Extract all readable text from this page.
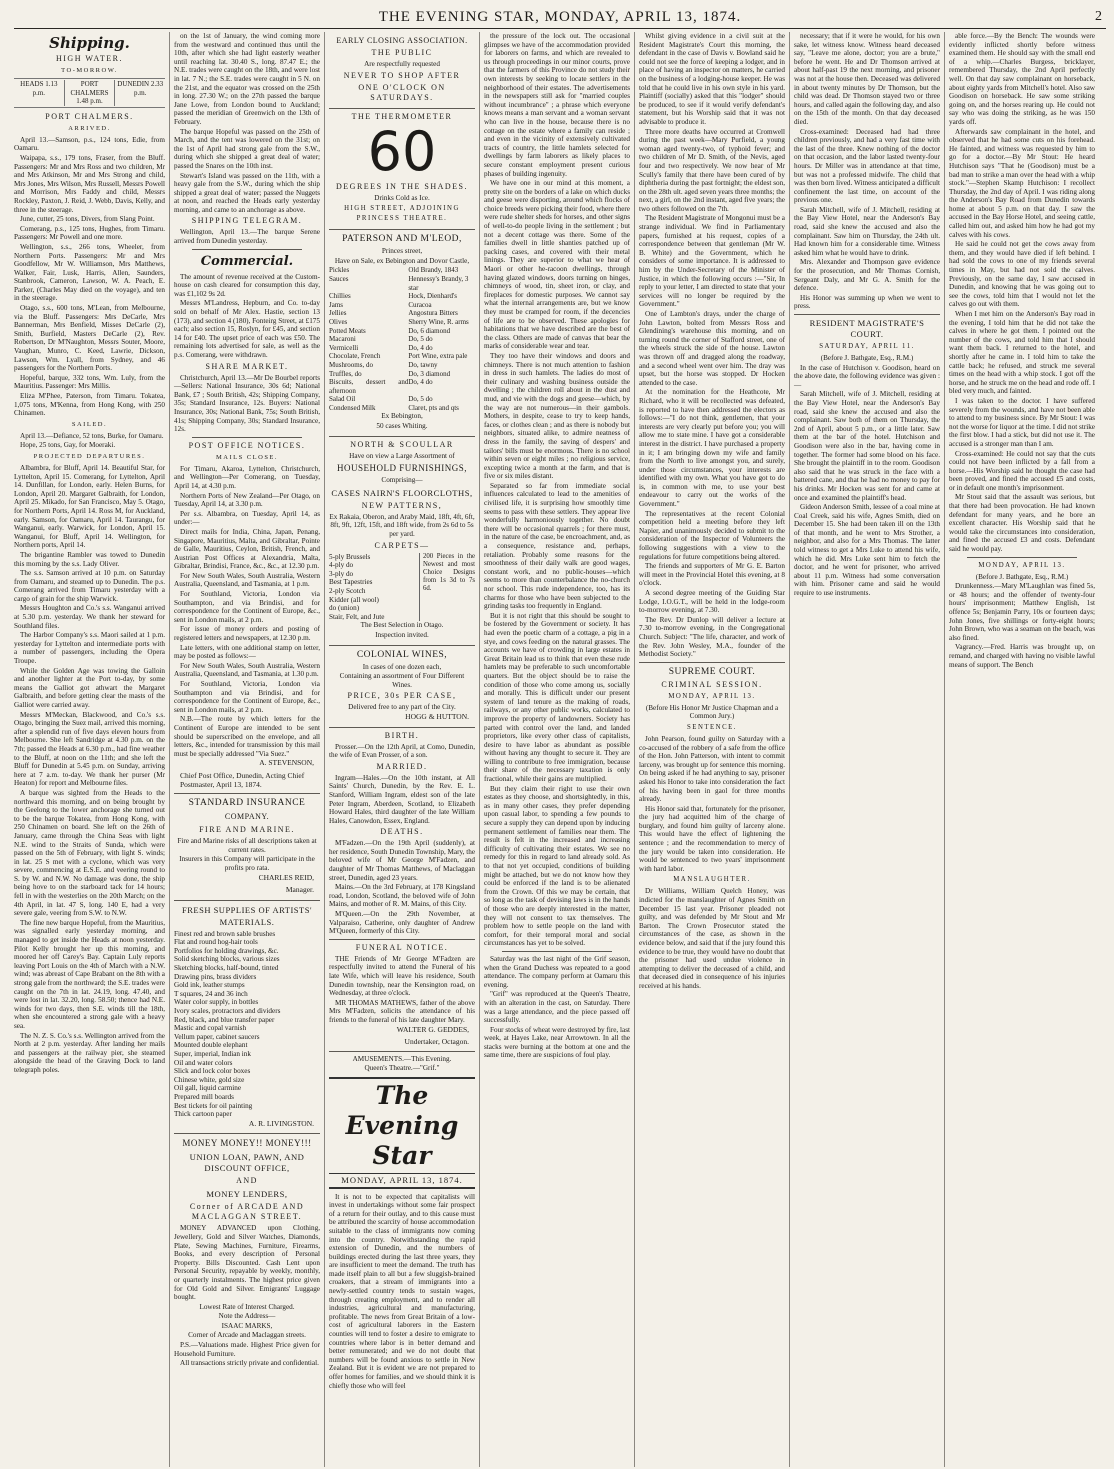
THE EVENING STAR, MONDAY, APRIL 13, 1874.	2
Shipping.
HIGH WATER.
TO-MORROW.
HEADS 1.13 p.m.
PORT CHALMERS 1.48 p.m.
DUNEDIN 2.33 p.m.
PORT CHALMERS.
ARRIVED.

April 13.—Samson, p.s., 124 tons, Edie, from Oamaru.

Waipapa, s.s., 179 tons, Fraser, from the Bluff. Passengers: Mr and Mrs Ross and two children, Mr and Mrs Atkinson, Mr and Mrs Strong and child, Mrs Jones, Mrs Wilson, Mrs Russell, Messrs Powell and Morrison, Mrs Faddy and child, Messrs Rockley, Paxton, J. Reid, J. Webb, Davis, Kelly, and three in the steerage.

June, cutter, 25 tons, Divers, from Slang Point.

Comerang, p.s., 125 tons, Hughes, from Timaru. Passengers: Mr Powell and one more.

Wellington, s.s., 266 tons, Wheeler, from Northern Ports. Passengers: Mr and Mrs Goodfellow, Mr W. Williamson, Mrs Matthews, Walker, Fair, Lusk, Harris, Allen, Saunders, Stanbrook, Cameron, Lawson, W. A. Peach, E. Parker, (Charles May died on the voyage), and ten in the steerage.

Otago, s.s., 600 tons, M'Lean, from Melbourne, via the Bluff. Passengers: Mrs DeCarle, Mrs Bannerman, Mrs Benfield, Misses DeCarle (2), Smith, Burfield, Masters DeCarle (2), Rev. Robertson, Dr M'Naughton, Messrs Souter, Moore, Vaughan, Munro, C. Keed, Lawrie, Dickson, Lawson, Wm. Lyall, from Sydney, and 46 passengers for the Northern Ports.

Hopeful, barque, 332 tons, Wm. Luly, from the Mauritius. Passenger: Mrs Millis.

Eliza M'Phee, Paterson, from Timaru. Tokatea, 1,075 tons, M'Kenna, from Hong Kong, with 250 Chinamen.

SAILED.

April 13.—Defiance, 52 tons, Burke, for Oamaru.

Hope, 25 tons, Gay, for Moeraki.

PROJECTED DEPARTURES.

Albambra, for Bluff, April 14. Beautiful Star, for Lyttelton, April 15. Comerang, for Lyttelton, April 14. Dunfillan, for London, early. Helen Burns, for London, April 20. Margaret Galbraith, for London, April 25. Mikado, for San Francisco, May 5. Otago, for Northern Ports, April 14. Ross M, for Auckland, early. Samson, for Oamaru, April 14. Taurangu, for Wanganui, early. Warwick, for London, April 15. Wanganui, for Bluff, April 14. Wellington, for Northern ports, April 14.

The brigantine Rambler was towed to Dunedin this morning by the s.s. Lady Oliver.

The s.s. Samson arrived at 10 p.m. on Saturday from Oamaru, and steamed up to Dunedin. The p.s. Comerang arrived from Timaru yesterday with a cargo of grain for the ship Warwick.

Messrs Houghton and Co.'s s.s. Wanganui arrived at 5.30 p.m. yesterday. We thank her steward for Southland files.

The Harbor Company's s.s. Maori sailed at 1 p.m. yesterday for Lyttelton and intermediate ports with a number of passengers, including the Opera Troupe.

While the Golden Age was towing the Galloin and another lighter at the Port to-day, by some means the Galliot got athwart the Margaret Galbraith, and before getting clear the masts of the Galliot were carried away.

Messrs M'Meckan, Blackwood, and Co.'s s.s. Otago, bringing the Suez mail, arrived this morning, after a splendid run of five days eleven hours from Melbourne. She left Sandridge at 4.30 p.m. on the 7th; passed the Heads at 6.30 p.m., had fine weather to the Bluff, at noon on the 11th; and she left the Bluff for Dunedin at 5.45 p.m. on Sunday, arriving here at 7 a.m. to-day. We thank her purser (Mr Heaton) for report and Melbourne files.

A barque was sighted from the Heads to the northward this morning, and on being brought by the Geelong to the lower anchorage she turned out to be the barque Tokatea, from Hong Kong, with 250 Chinamen on board. She left on the 26th of January, came through the China Seas with light N.E. wind to the Straits of Sunda, which were passed on the 5th of February, with light S. winds; in lat. 25 S met with a cyclone, which was very severe, commencing at E.S.E. and veering round to S. by W. and N.W. No damage was done, the ship being hove to on the starboard tack for 14 hours; fell in with the westerlies on the 20th March; on the 4th April, in lat. 47 S, long. 140 E, had a very severe gale, veering from S.W. to N.W.

The fine new barque Hopeful, from the Mauritius, was signalled early yesterday morning, and managed to get inside the Heads at noon yesterday. Pilot Kelly brought her up this morning, and moored her off Carey's Bay. Captain Luly reports leaving Port Louis on the 4th of March with a N.W. wind; was abreast of Cape Brabant on the 8th with a strong gale from the northward; the S.E. trades were caught on the 7th in lat. 24.19, long. 47.40, and were lost in lat. 32.20, long. 58.50; thence had N.E. winds for two days, then S.E. winds till the 18th, when she encountered a strong gale with a heavy sea.

The N. Z. S. Co.'s s.s. Wellington arrived from the North at 2 p.m. yesterday. After landing her mails and passengers at the railway pier, she steamed alongside the head of the Graving Dock to land telegraph poles.

on the 1st of January, the wind coming more from the westward and continued thus until the 10th, after which she had light easterly weather until reaching lat. 30.40 S., long. 87.47 E.; the N.E. trades were caught on the 18th, and were lost in lat. 7 N.; the S.E. trades were caught in 5 N. on the 21st, and the equator was crossed on the 25th in long. 27.30 W.; on the 27th passed the barque Jane Lowe, from London bound to Auckland; passed the meridian of Greenwich on the 13th of February.

The barque Hopeful was passed on the 25th of March, and the tent was lowered on the 31st; on the 1st of April had strong gale from the S.W., during which she shipped a great deal of water; passed the Snares on the 10th inst.

Stewart's Island was passed on the 11th, with a heavy gale from the S.W., during which the ship shipped a great deal of water; passed the Nuggets at noon, and reached the Heads early yesterday morning, and came to an anchorage as above.

SHIPPING TELEGRAM.

Wellington, April 13.—The barque Serene arrived from Dunedin yesterday.

Commercial.

The amount of revenue received at the Custom-house on cash cleared for consumption this day, was £1,102 9s 2d.

Messrs M'Landress, Hepburn, and Co. to-day sold on behalf of Mr Alex. Hastie, section 13 (173), and section 4 (180), Fonteirg Street, at £175 each; also section 15, Roslyn, for £45, and section 14 for £40. The upset price of each was £50. The remaining lots advertised for sale, as well as the p.s. Comerang, were withdrawn.

SHARE MARKET.

Christchurch, April 13.—Mr De Bourbel reports—Sellers: National Insurance, 30s 6d; National Bank, £7 ; South British, 42s; Shipping Company, 35s; Standard Insurance, 12s. Buyers: National Insurance, 30s; National Bank, 75s; South British, 41s; Shipping Company, 30s; Standard Insurance, 12s.

POST OFFICE NOTICES.
MAILS CLOSE.

For Timaru, Akaroa, Lyttelton, Christchurch, and Wellington—Per Comerang, on Tuesday, April 14, at 4.30 p.m.

Northern Ports of New Zealand—Per Otago, on Tuesday, April 14, at 3.30 p.m.

Per s.s. Albambra, on Tuesday, April 14, as under:—

Direct mails for India, China, Japan, Penang, Singapore, Mauritius, Malta, and Gibraltar, Pointe de Galle, Mauritius, Ceylon, British, French, and Austrian Post Offices at Alexandria, Malta, Gibraltar, Brindisi, France, &c., &c., at 12.30 p.m.

For New South Wales, South Australia, Western Australia, Queensland, and Tasmania, at 1 p.m.

For Southland, Victoria, London via Southampton, and via Brindisi, and for correspondence for the Continent of Europe, &c., sent in London mails, at 2 p.m.

For issue of money orders and posting of registered letters and newspapers, at 12.30 p.m.

Late letters, with one additional stamp on letter, may be posted as follows:—

For New South Wales, South Australia, Western Australia, Queensland, and Tasmania, at 1.30 p.m.

For Southland, Victoria, London via Southampton and via Brindisi, and for correspondence for the Continent of Europe, &c., sent in London mails, at 2 p.m.

N.B.—The route by which letters for the Continent of Europe are intended to be sent should be superscribed on the envelope, and all letters, &c., intended for transmission by this mail must be specially addressed "Via Suez."

A. STEVENSON,
Chief Post Office, Dunedin, Acting Chief Postmaster, April 13, 1874.
STANDARD INSURANCE
COMPANY.
FIRE AND MARINE.

Fire and Marine risks of all descriptions taken at current rates.

Insurers in this Company will participate in the profits pro rata.

CHARLES REID,
Manager.
FRESH SUPPLIES OF ARTISTS' MATERIALS.
Finest red and brown sable brushes
Flat and round hog-hair tools
Portfolios for holding drawings, &c.
Solid sketching blocks, various sizes
Sketching blocks, half-bound, tinted
Drawing pins, brass dividers
Gold ink, leather stumps
T squares, 24 and 36 inch
Water color supply, in bottles
Ivory scales, protractors and dividers
Red, black, and blue transfer paper
Mastic and copal varnish
Vellum paper, cabinet saucers
Mounted double elephant
Super, imperial, Indian ink
Oil and water colors
Slick and lock color boxes
Chinese white, gold size
Oil gall, liquid carmine
Prepared mill boards
Best tickets for oil painting
Thick cartoon paper
A. R. LIVINGSTON.
MONEY MONEY!! MONEY!!!
UNION LOAN, PAWN, AND DISCOUNT OFFICE,
AND
MONEY LENDERS,
Corner of ARCADE AND MACLAGGAN STREET.

MONEY ADVANCED upon Clothing, Jewellery, Gold and Silver Watches, Diamonds, Plate, Sewing Machines, Furniture, Firearms, Books, and every description of Personal Property. Bills Discounted. Cash Lent upon Personal Security, repayable by weekly, monthly, or quarterly instalments. The highest price given for Old Gold and Silver. Emigrants' Luggage bought.

Lowest Rate of Interest Charged.

Note the Address—

ISAAC MARKS,

Corner of Arcade and Maclaggan streets.

P.S.—Valuations made. Highest Price given for Household Furniture.

All transactions strictly private and confidential.

EARLY CLOSING ASSOCIATION.
THE PUBLIC

Are respectfully requested

NEVER TO SHOP AFTER
ONE O'CLOCK ON SATURDAYS.
THE THERMOMETER
60
DEGREES IN THE SHADES.

Drinks Cold as Ice.

HIGH STREET, ADJOINING PRINCESS THEATRE.
PATERSON AND M'LEOD,

Princes street,

Have on Sale, ex Bebington and Dovor Castle,

Pickles	Old Brandy, 1843
Sauces	Hennessy's Brandy, 3 star
Chillies	Hock, Dienhard's
Jams	Curacoa
Jellies	Angostura Bitters
Olives	Sherry Wine, R. arms
Potted Meats	Do, 6 diamond
Macaroni	Do, 5 do
Vermicelli	Do, 4 do
Chocolate, French	Port Wine, extra pale
Mushrooms, do	Do, tawny
Truffles, do	Do, 3 diamond
Biscuits, dessert and afternoon	Do, 4 do
Salad Oil	Do, 5 do
Condensed Milk	Claret, pts and qts

Ex Bebington,

50 cases Whiting.

NORTH & SCOULLAR

Have on view a Large Assortment of

HOUSEHOLD FURNISHINGS,

Comprising—

CASES NAIRN'S FLOORCLOTHS,
NEW PATTERNS,

Ex Rakaia, Oberon, and Araby Maid, 18ft, 4ft, 6ft, 8ft, 9ft, 12ft, 15ft, and 18ft wide, from 2s 6d to 5s per yard.

CARPETS—
5-ply Brussels
4-ply do
3-ply do
Best Tapestries
2-ply Scotch
Kidder (all wool)
do (union)
Stair, Felt, and Jute
200 Pieces in the Newest and most Choice Designs from 1s 3d to 7s 6d.

The Best Selection in Otago.

Inspection invited.

COLONIAL WINES,

In cases of one dozen each,

Containing an assortment of Four Different Wines.

PRICE, 30s PER CASE,

Delivered free to any part of the City.

HOGG & HUTTON.
BIRTH.

Prosser.—On the 12th April, at Como, Dunedin, the wife of Evan Prosser, of a son.

MARRIED.

Ingram—Hales.—On the 10th instant, at All Saints' Church, Dunedin, by the Rev. E. L. Stanford, William Ingram, eldest son of the late Peter Ingram, Aberdeen, Scotland, to Elizabeth Howard Hales, third daughter of the late William Hales, Canowdon, Essex, England.

DEATHS.

M'Fadzen.—On the 19th April (suddenly), at her residence, South Dunedin Township, Mary, the beloved wife of Mr George M'Fadzen, and daughter of Mr Thomas Matthews, of Maclaggan street, Dunedin, aged 23 years.

Mains.—On the 3rd February, at 178 Kingsland road, London, Scotland, the beloved wife of John Mains, and mother of R. M. Mains, of this City.

M'Queen.—On the 29th November, at Valparaiso, Catherine, only daughter of Andrew M'Queen, formerly of this City.

FUNERAL NOTICE.

THE Friends of Mr George M'Fadzen are respectfully invited to attend the Funeral of his late Wife, which will leave his residence, South Dunedin township, near the Kensington road, on Wednesday, at three o'clock.

MR THOMAS MATHEWS, father of the above Mrs M'Fadzen, solicits the attendance of his friends to the funeral of his late daughter Mary.

WALTER G. GEDDES,
Undertaker, Octagon.

AMUSEMENTS.—This Evening.

Queen's Theatre.—"Grif."

The Evening Star
MONDAY, APRIL 13, 1874.

It is not to be expected that capitalists will invest in undertakings without some fair prospect of a return for their outlay, and to this cause must be attributed the scarcity of house accommodation suitable to the class of immigrants now coming into the country. Notwithstanding the rapid extension of Dunedin, and the numbers of buildings erected during the last three years, they are insufficient to meet the demand. The truth has made itself plain to all but a few sluggish-brained croakers, that a stream of immigrants into a newly-settled country tends to sustain wages, through creating employment, and to render all industries, agricultural and manufacturing, profitable. The news from Great Britain of a low-cost of agricultural laborers in the Eastern counties will tend to foster a desire to emigrate to countries where labor is in better demand and better remunerated; and we do not doubt that numbers will be found anxious to settle in New Zealand. But it is evident we are not prepared to offer homes for families, and we should think it is chiefly those who will feel

the pressure of the lock out. The occasional glimpses we have of the accommodation provided for laborers on farms, and which are revealed to us through proceedings in our minor courts, prove that the farmers of this Province do not study their own interests by seeking to locate settlers in the neighborhood of their estates. The advertisements in the newspapers still ask for "married couples without incumbrance" ; a phrase which everyone knows means a man servant and a woman servant who can live in the house, because there is no cottage on the estate where a family can reside ; and even in the vicinity of extensively cultivated tracts of country, the little hamlets selected for dwellings by farm laborers as likely places to secure constant employment present curious phases of building ingenuity.

We have one in our mind at this moment, a pretty site on the borders of a lake on which ducks and geese were disporting, around which flocks of choice breeds were picking their food, where there were rude shelter sheds for horses, and other signs of well-to-do people living in the settlement ; but not a decent cottage was there. Some of the families dwell in little shanties patched up of packing cases, and covered with their metal linings. They are superior to what we hear of Maori or other he-racoon dwellings, through having glazed windows, doors turning on hinges, chimneys of wood, tin, sheet iron, or clay, and fireplaces for domestic purposes. We cannot say what the internal arrangements are, but we know they must be cramped for room, if the decencies of life are to be observed. These apologies for habitations that we have described are the best of the class. Others are made of canvas that bear the marks of considerable wear and tear.

They too have their windows and doors and chimneys. There is not much attention to fashion in dress in such hamlets. The ladies do most of their culinary and washing business outside the dwelling ; the children roll about in the dust and mud, and vie with the dogs and geese—which, by the way are not numerous—in their gambols. Mothers, in despite, cease to try to keep hands, faces, or clothes clean ; and as there is nobody but neighbors, situated alike, to admire neatness of dress in the family, the saving of despers' and tailors' bills must be enormous. There is no school within seven or eight miles ; no religious service, excepting twice a month at the farm, and that is five or six miles distant.

Separated so far from immediate social influences calculated to lead to the amenities of civilised life, it is surprising how smoothly time seems to pass with these settlers. They appear live wonderfully harmoniously together. No doubt there will be occasional quarrels ; for there must, in the nature of the case, be encroachment, and, as a consequence, resistance and, perhaps, retaliation. Probably some reasons for the smoothness of their daily walk are good wages, constant work, and no public-houses—which seems to more than counterbalance the no-church nor school. This rude independence, too, has its charms for those who have been subjected to the grinding tasks too frequently in England.

But it is not right that this should be sought to be fostered by the Government or society. It has had even the poetic charm of a cottage, a pig in a stye, and cows feeding on the natural grasses. The accounts we have of crowding in large estates in Great Britain lead us to think that even these rude hamlets may be preferable to such uncomfortable quarters. But the object should be to raise the condition of those who come among us, socially and morally. This is difficult under our present system of land tenure as the making of roads, railways, or any other public works, calculated to improve the property of landowners. Society has parted with control over the land, and landed proprietors, like every other class of capitalists, desire to have labor as abundant as possible without having any thought to secure it. They are willing to contribute to free immigration, because their share of the necessary taxation is only fractional, while their gains are multiplied.

But they claim their right to use their own estates as they choose, and shortsightedly, in this, as in many other cases, they prefer depending upon casual labor, to spending a few pounds to secure a supply they can depend upon by inducing permanent settlement of families near them. The result is felt in the increased and increasing difficulty of cultivating their estates. We see no remedy for this in regard to land already sold. As to that not yet occupied, conditions of building might be attached, but we do not know how they could be enforced if the land is to be alienated from the Crown. Of this we may be certain, that so long as the task of devising laws is in the hands of those who are deeply interested in the matter, they will not consent to tax themselves. The problem how to settle people on the land with comfort, for their temporal moral and social circumstances has yet to be solved.

Saturday was the last night of the Grif season, when the Grand Duchess was repeated to a good attendance. The company perform at Oamaru this evening.

"Grif" was reproduced at the Queen's Theatre, with an alteration in the cast, on Saturday. There was a large attendance, and the piece passed off successfully.

Four stocks of wheat were destroyed by fire, last week, at Hayes Lake, near Arrowtown. In all the stacks were burning at the bottom at one and the same time, there are suspicions of foul play.

Whilst giving evidence in a civil suit at the Resident Magistrate's Court this morning, the defendant in the case of Davis v. Bowland said he could not see the force of keeping a lodger, and in place of having an inspector on matters, he carried on the business of a lodging-house keeper. He was told that he could live in his own style in his yard. Plaintiff (socially) asked that this "lodger" should be produced, to see if it would verify defendant's statement, but his Worship said that it was not advisable to produce it.

Three more deaths have occurred at Cromwell during the past week—Mary Purfield, a young woman aged twenty-two, of typhoid fever; and two children of Mr D. Smith, of the Nevis, aged four and two respectively. We now hear of Mr Scully's family that there have been cured of by diphtheria during the past fortnight; the eldest son, on the 28th ult. aged seven years three months; the next, a girl, on the 2nd instant, aged five years; the two others followed on the 7th.

The Resident Magistrate of Mongonui must be a strange individual. We find in Parliamentary papers, furnished at his request, copies of a correspondence between that gentleman (Mr W. B. White) and the Government, which he considers of some importance. It is addressed to him by the Under-Secretary of the Minister of Justice, in which the following occurs :—"Sir, In reply to your letter, I am directed to state that your services will no longer be required by the Government."

One of Lambton's drays, under the charge of John Lawton, bolted from Messrs Ross and Glendining's warehouse this morning, and on turning round the corner of Stafford street, one of the wheels struck the side of the house. Lawton was thrown off and dragged along the roadway, and a second wheel went over him. The dray was upset, but the horse was stopped. Dr Hocken attended to the case.

At the nomination for the Heathcote, Mr Richard, who it will be recollected was defeated, is reported to have then addressed the electors as follows:—"I do not think, gentlemen, that your interests are very clearly put before you; you will allow me to state mine. I have got a considerable interest in the district. I have purchased a property in it; I am bringing down my wife and family from the North to live amongst you, and surely, under those circumstances, your interests are identified with my own. What you have got to do is, in common with me, to use your best endeavour to carry out the works of the Government."

The representatives at the recent Colonial competition held a meeting before they left Napier, and unanimously decided to submit to the consideration of the Inspector of Volunteers the following suggestions with a view to the regulations for future competitions being altered.

The friends and supporters of Mr G. E. Barton will meet in the Provincial Hotel this evening, at 8 o'clock.

A second degree meeting of the Guiding Star Lodge, I.O.G.T., will be held in the lodge-room to-morrow evening, at 7.30.

The Rev. Dr Dunlop will deliver a lecture at 7.30 to-morrow evening, in the Congregational Church. Subject: "The life, character, and work of the Rev. John Wesley, M.A., founder of the Methodist Society."

SUPREME COURT.
CRIMINAL SESSION.
MONDAY, APRIL 13.

(Before His Honor Mr Justice Chapman and a Common Jury.)

SENTENCE.

John Pearson, found guilty on Saturday with a co-accused of the robbery of a safe from the office of the Hon. John Patterson, with intent to commit larceny, was brought up for sentence this morning. On being asked if he had anything to say, prisoner asked his Honor to take into consideration the fact of his having been in gaol for three months already.

His Honor said that, fortunately for the prisoner, the jury had acquitted him of the charge of burglary, and found him guilty of larceny alone. This would have the effect of lightening the sentence ; and the recommendation to mercy of the jury would be taken into consideration. He would be sentenced to two years' imprisonment with hard labor.

MANSLAUGHTER.

Dr Williams, William Quelch Honey, was indicted for the manslaughter of Agnes Smith on December 15 last year. Prisoner pleaded not guilty, and was defended by Mr Stout and Mr Barton. The Crown Prosecutor stated the circumstances of the case, as shown in the evidence below, and said that if the jury found this evidence to be true, they would have no doubt that the prisoner had used undue violence in attempting to deliver the deceased of a child, and that deceased died in consequence of his injuries received at his hands.

necessary; that if it were he would, for his own sake, let witness know. Witness heard deceased say, "Leave me alone, doctor; you are a brute," before he went. He and Dr Thomson arrived at about half-past 19 the next morning, and prisoner was not at the house then. Deceased was delivered in about twenty minutes by Dr Thomson, but the child was dead. Dr Thomson stayed two or three hours, and called again the following day, and also on the 15th of the month. On that day deceased died.

Cross-examined: Deceased had had three children previously, and had a very fast time with the last of the three. Knew nothing of the doctor on that occasion, and the labor lasted twenty-four hours. Dr Miller was in attendance at that time, but was not a professed midwife. The child that was then born lived. Witness anticipated a difficult confinement the last time, on account of the previous one.

Sarah Mitchell, wife of J. Mitchell, residing at the Bay View Hotel, near the Anderson's Bay road, said she knew the accused and also the complainant. Saw him on Thursday, the 24th ult. Had known him for a considerable time. Witness asked him what he would have to drink.

Mrs. Alexander and Thompson gave evidence for the prosecution, and Mr Thomas Cornish, Sergeant Daly, and Mr G. A. Smith for the defence.

His Honor was summing up when we went to press.

RESIDENT MAGISTRATE'S COURT.
SATURDAY, APRIL 11.

(Before J. Bathgate, Esq., R.M.)

In the case of Hutchison v. Goodison, heard on the above date, the following evidence was given :—

Sarah Mitchell, wife of J. Mitchell, residing at the Bay View Hotel, near the Anderson's Bay road, said she knew the accused and also the complainant. Saw both of them on Thursday, the 2nd of April, about 5 p.m., or a little later. Saw them at the bar of the hotel. Hutchison and Goodison were also in the bar, having come in together. The former had some blood on his face. She brought the plaintiff in to the room. Goodison also said that he was struck in the face with a battered cane, and that he had no money to pay for his drinks. Mr Hocken was sent for and came at once and examined the plaintiff's head.

Gideon Anderson Smith, lessee of a coal mine at Coal Creek, said his wife, Agnes Smith, died on December 15. She had been taken ill on the 13th of that month, and he went to Mrs Strother, a neighbor, and also for a Mrs Thomas. The latter told witness to get a Mrs Luke to attend his wife, which he did. Mrs Luke sent him to fetch the doctor, and he went for prisoner, who arrived about 11 p.m. Witness had some conversation with him. Prisoner came and said he would require to use instruments.

able force.—By the Bench: The wounds were evidently inflicted shortly before witness examined them. He should say with the small end of a whip.—Charles Burgess, bricklayer, remembered Thursday, the 2nd April perfectly well. On that day saw complainant on horseback, about eighty yards from Mitchell's hotel. Also saw Goodison on horseback. He saw some striking going on, and the horses rearing up. He could not say who was doing the striking, as he was 150 yards off.

Afterwards saw complainant in the hotel, and observed that he had some cuts on his forehead. He fainted, and witness was requested by him to go for a doctor.—By Mr Stout: He heard Hutchison says "That he (Goodison) must be a bad man to strike a man over the head with a whip stock."—Stephen Skamp Hutchison: I recollect Thursday, the 2nd day of April. I was riding along the Anderson's Bay Road from Dunedin towards home at about 5 p.m. on that day. I saw the accused in the Bay Horse Hotel, and seeing cattle, called him out, and asked him how he had got my calves with his cows.

He said he could not get the cows away from them, and they would have died if left behind. I had sold the cows to one of my friends several times in May, but had not sold the calves. Previously, on the same day, I saw accused in Dunedin, and knowing that he was going out to see the cows, told him that I would not let the calves go out with them.

When I met him on the Anderson's Bay road in the evening, I told him that he did not take the calves in where he got them. I pointed out the number of the cows, and told him that I should want them back. I returned to the hotel, and shortly after he came in. I told him to take the cattle back; he refused, and struck me several times on the head with a whip stock. I got off the horse, and he struck me on the head and rode off. I bled very much, and fainted.

I was taken to the doctor. I have suffered severely from the wounds, and have not been able to attend to my business since. By Mr Stout: I was not the worse for liquor at the time. I did not strike the first blow. I had a stick, but did not use it. The accused is a stronger man than I am.

Cross-examined: He could not say that the cuts could not have been inflicted by a fall from a horse.—His Worship said he thought the case had been proved, and fined the accused £5 and costs, or in default one month's imprisonment.

Mr Stout said that the assault was serious, but that there had been provocation. He had known defendant for many years, and he bore an excellent character. His Worship said that he would take the circumstances into consideration, and fined the accused £3 and costs. Defendant said he would pay.

MONDAY, APRIL 13.

(Before J. Bathgate, Esq., R.M.)

Drunkenness.—Mary M'Laughlan was fined 5s, or 48 hours; and the offender of twenty-four hours' imprisonment; Matthew English, 1st offence 5s; Benjamin Parry, 10s or fourteen days; John Jones, five shillings or forty-eight hours; John Brown, who was a seaman on the beach, was also fined.

Vagrancy.—Fred. Harris was brought up, on remand, and charged with having no visible lawful means of support. The Bench
